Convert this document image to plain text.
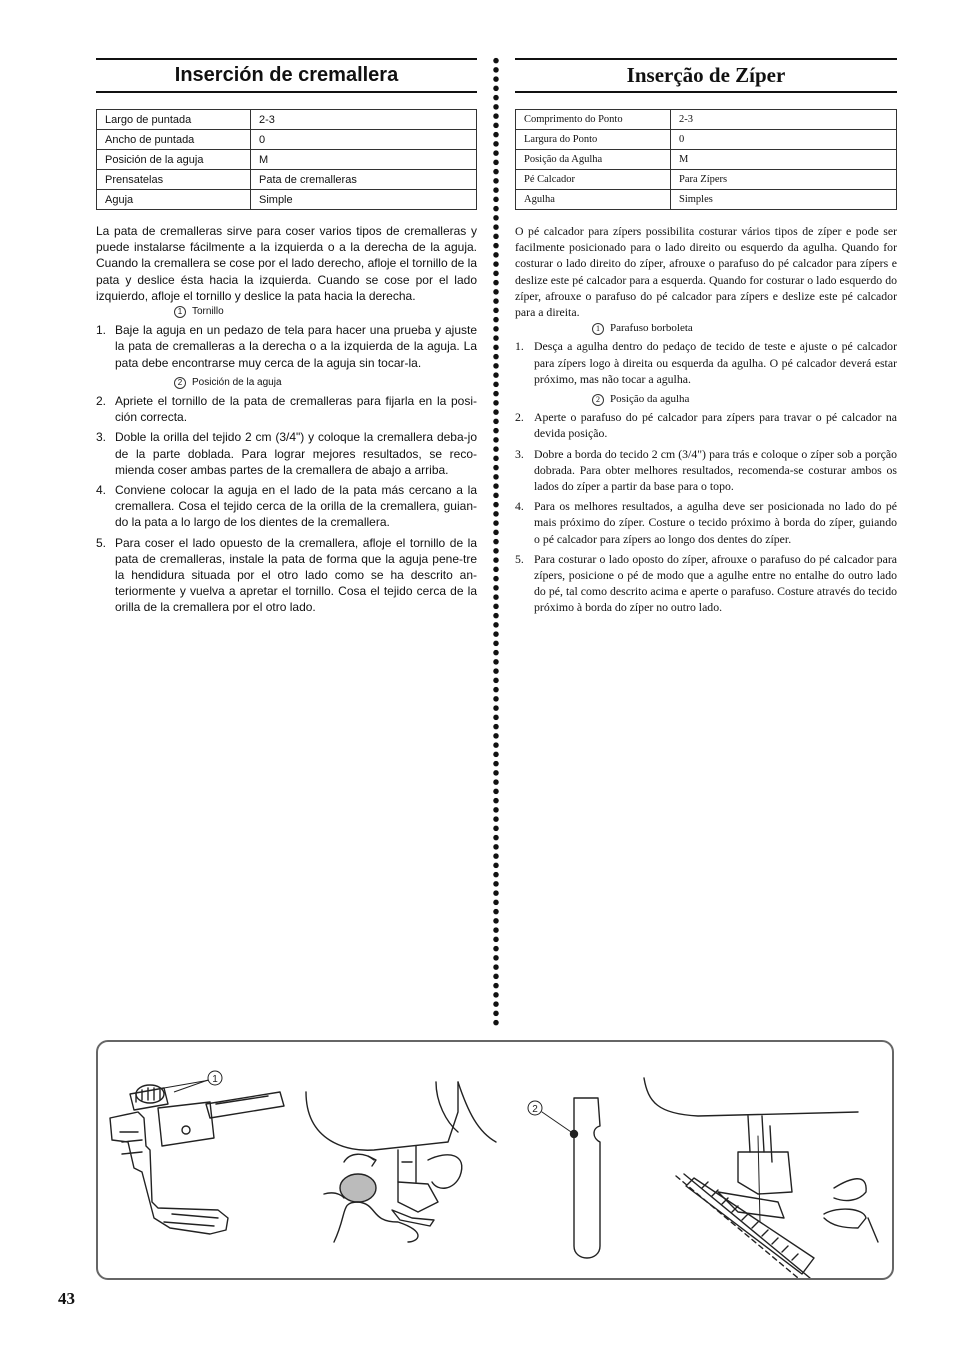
Inserción de cremallera
Largo de puntada	2-3
Ancho de puntada	0
Posición de la aguja	M
Prensatelas	Pata de cremalleras
Aguja	Simple

La pata de cremalleras sirve para coser varios tipos de cremalleras y puede instalarse fácilmente a la izquierda o a la derecha de la aguja. Cuando la cremallera se cose por el lado derecho, afloje el tornillo de la pata y deslice ésta hacia la izquierda. Cuando se cose por el lado izquierdo, afloje el tornillo y deslice la pata hacia la derecha.

1 Tornillo

1. Baje la aguja en un pedazo de tela para hacer una prueba y ajuste la pata de cremalleras a la derecha o a la izquierda de la aguja. La pata debe encontrarse muy cerca de la aguja sin tocar-la.

2 Posición de la aguja

2. Apriete el tornillo de la pata de cremalleras para fijarla en la posi-ción correcta.
3. Doble la orilla del tejido 2 cm (3/4") y coloque la cremallera deba-jo de la parte doblada. Para lograr mejores resultados, se reco-mienda coser ambas partes de la cremallera de abajo a arriba.
4. Conviene colocar la aguja en el lado de la pata más cercano a la cremallera. Cosa el tejido cerca de la orilla de la cremallera, guian-do la pata a lo largo de los dientes de la cremallera.
5. Para coser el lado opuesto de la cremallera, afloje el tornillo de la pata de cremalleras, instale la pata de forma que la aguja pene-tre la hendidura situada por el otro lado como se ha descrito an-teriormente y vuelva a apretar el tornillo. Cosa el tejido cerca de la orilla de la cremallera por el otro lado.
Inserção de Zíper
Comprimento do Ponto	2-3
Largura do Ponto	0
Posição da Agulha	M
Pé Calcador	Para Zípers
Agulha	Simples

O pé calcador para zípers possibilita costurar vários tipos de zíper e pode ser facilmente posicionado para o lado direito ou esquerdo da agulha. Quando for costurar o lado direito do zíper, afrouxe o parafuso do pé calcador para zípers e deslize este pé calcador para a esquerda. Quando for costurar o lado esquerdo do zíper, afrouxe o parafuso do pé calcador para zípers e deslize este pé calcador para a direita.

1 Parafuso borboleta

1. Desça a agulha dentro do pedaço de tecido de teste e ajuste o pé calcador para zípers logo à direita ou esquerda da agulha. O pé calcador deverá estar próximo, mas não tocar a agulha.

2 Posição da agulha

2. Aperte o parafuso do pé calcador para zípers para travar o pé calcador na devida posição.
3. Dobre a borda do tecido 2 cm (3/4") para trás e coloque o zíper sob a porção dobrada. Para obter melhores resultados, recomenda-se costurar ambos os lados do zíper a partir da base para o topo.
4. Para os melhores resultados, a agulha deve ser posicionada no lado do pé mais próximo do zíper. Costure o tecido próximo à borda do zíper, guiando o pé calcador para zípers ao longo dos dentes do zíper.
5. Para costurar o lado oposto do zíper, afrouxe o parafuso do pé calcador para zípers, posicione o pé de modo que a agulhe entre no entalhe do outro lado do pé, tal como descrito acima e aperte o parafuso. Costure através do tecido próximo à borda do zíper no outro lado.
1
2
43
